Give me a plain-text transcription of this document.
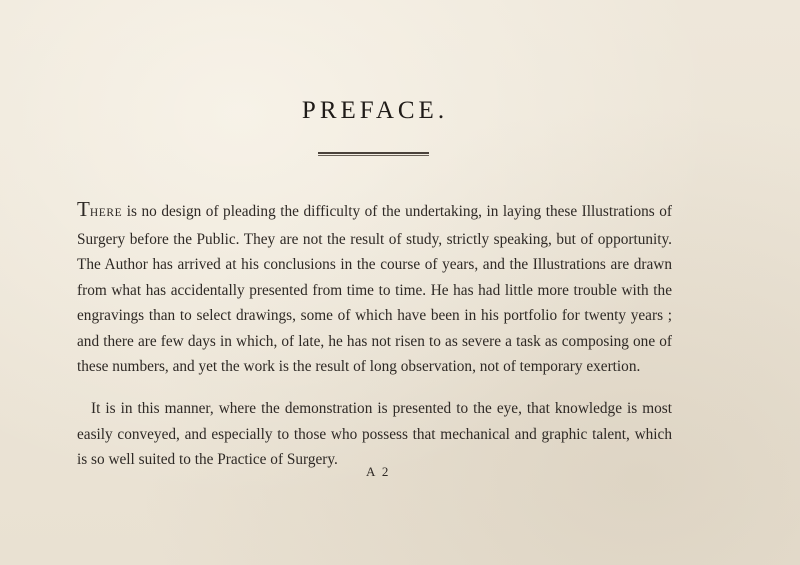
PREFACE.

THERE is no design of pleading the difficulty of the undertaking, in laying these Illustrations of Surgery before the Public. They are not the result of study, strictly speaking, but of opportunity. The Author has arrived at his conclusions in the course of years, and the Illustrations are drawn from what has accidentally presented from time to time. He has had little more trouble with the engravings than to select drawings, some of which have been in his portfolio for twenty years ; and there are few days in which, of late, he has not risen to as severe a task as composing one of these numbers, and yet the work is the result of long observation, not of temporary exertion.

It is in this manner, where the demonstration is presented to the eye, that knowledge is most easily conveyed, and especially to those who possess that mechanical and graphic talent, which is so well suited to the Practice of Surgery.

A 2
